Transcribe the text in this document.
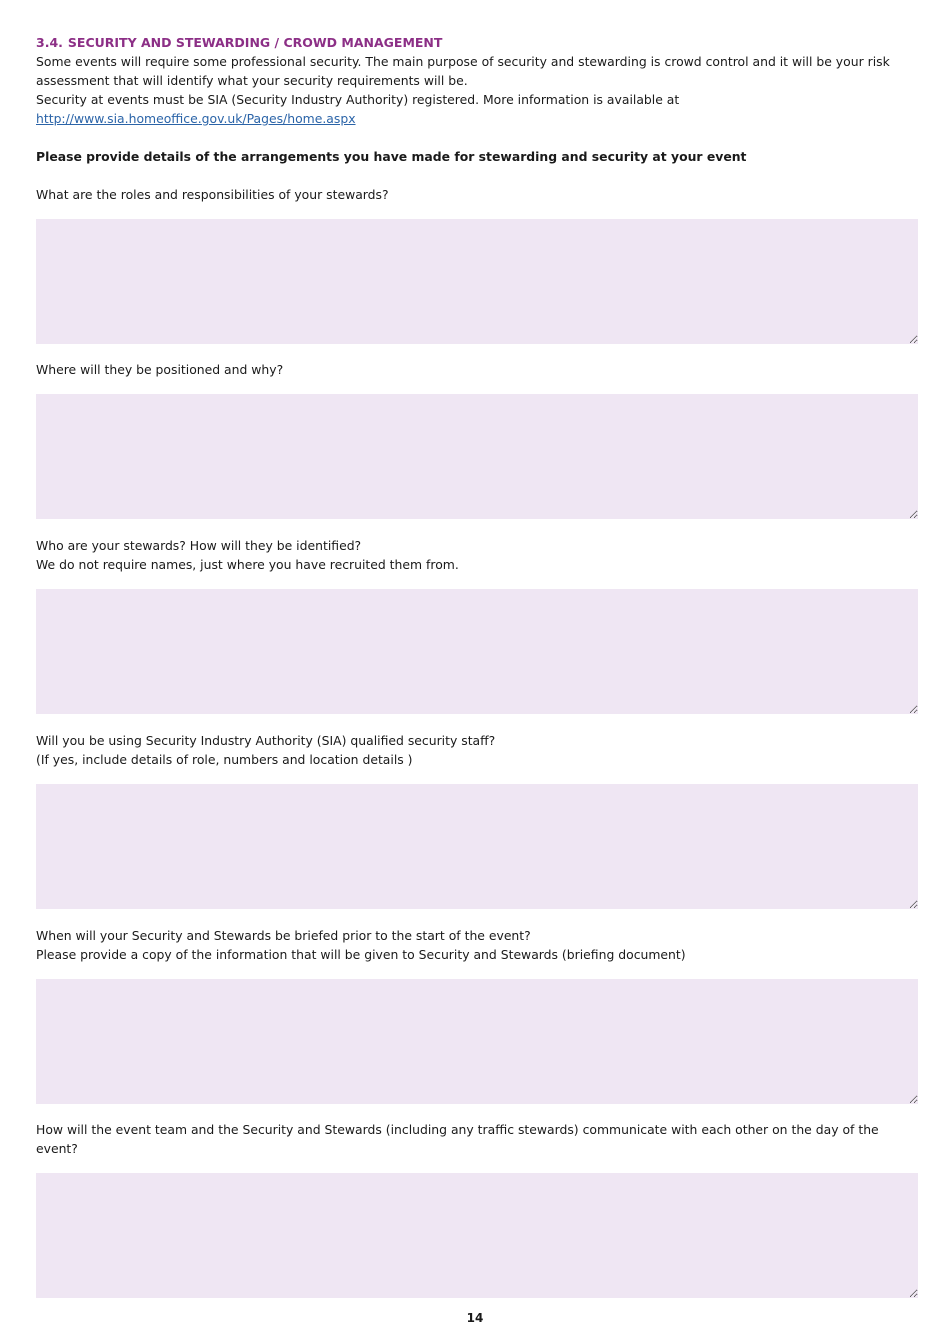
3.4. SECURITY AND STEWARDING / CROWD MANAGEMENT

Some events will require some professional security. The main purpose of security and stewarding is crowd control and it will be your risk assessment that will identify what your security requirements will be.

Security at events must be SIA (Security Industry Authority) registered. More information is available at http://www.sia.homeoffice.gov.uk/Pages/home.aspx

Please provide details of the arrangements you have made for stewarding and security at your event

What are the roles and responsibilities of your stewards?

Where will they be positioned and why?

Who are your stewards? How will they be identified?

We do not require names, just where you have recruited them from.

Will you be using Security Industry Authority (SIA) qualified security staff?

(If yes, include details of role, numbers and location details )

When will your Security and Stewards be briefed prior to the start of the event?

Please provide a copy of the information that will be given to Security and Stewards (briefing document)

How will the event team and the Security and Stewards (including any traffic stewards) communicate with each other on the day of the event?

14
